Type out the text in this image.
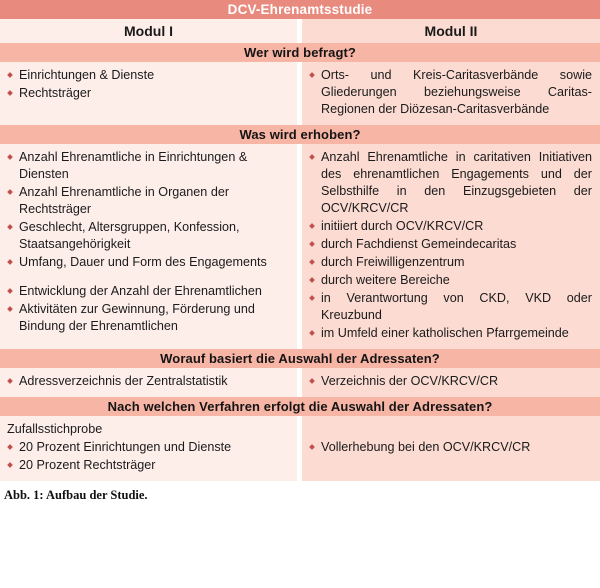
DCV-Ehrenamtsstudie
Modul I	Modul II
Wer wird befragt?
Einrichtungen & Dienste
Rechtsträger
Orts- und Kreis-Caritasverbände sowie Gliederungen beziehungsweise Caritas-Regionen der Diözesan-Caritasverbände
Was wird erhoben?
Anzahl Ehrenamtliche in Einrichtungen & Diensten
Anzahl Ehrenamtliche in Organen der Rechtsträger
Geschlecht, Altersgruppen, Konfession, Staatsangehörigkeit
Umfang, Dauer und Form des Engagements
Entwicklung der Anzahl der Ehrenamtlichen
Aktivitäten zur Gewinnung, Förderung und Bindung der Ehrenamtlichen
Anzahl Ehrenamtliche in caritativen Initiativen des ehrenamtlichen Engagements und der Selbsthilfe in den Einzugsgebieten der OCV/KRCV/CR
initiiert durch OCV/KRCV/CR
durch Fachdienst Gemeindecaritas
durch Freiwilligenzentrum
durch weitere Bereiche
in Verantwortung von CKD, VKD oder Kreuzbund
im Umfeld einer katholischen Pfarrgemeinde
Worauf basiert die Auswahl der Adressaten?
Adressverzeichnis der Zentralstatistik	Verzeichnis der OCV/KRCV/CR
Nach welchen Verfahren erfolgt die Auswahl der Adressaten?
Zufallsstichprobe
20 Prozent Einrichtungen und Dienste
20 Prozent Rechtsträger
Vollerhebung bei den OCV/KRCV/CR
Abb. 1: Aufbau der Studie.
